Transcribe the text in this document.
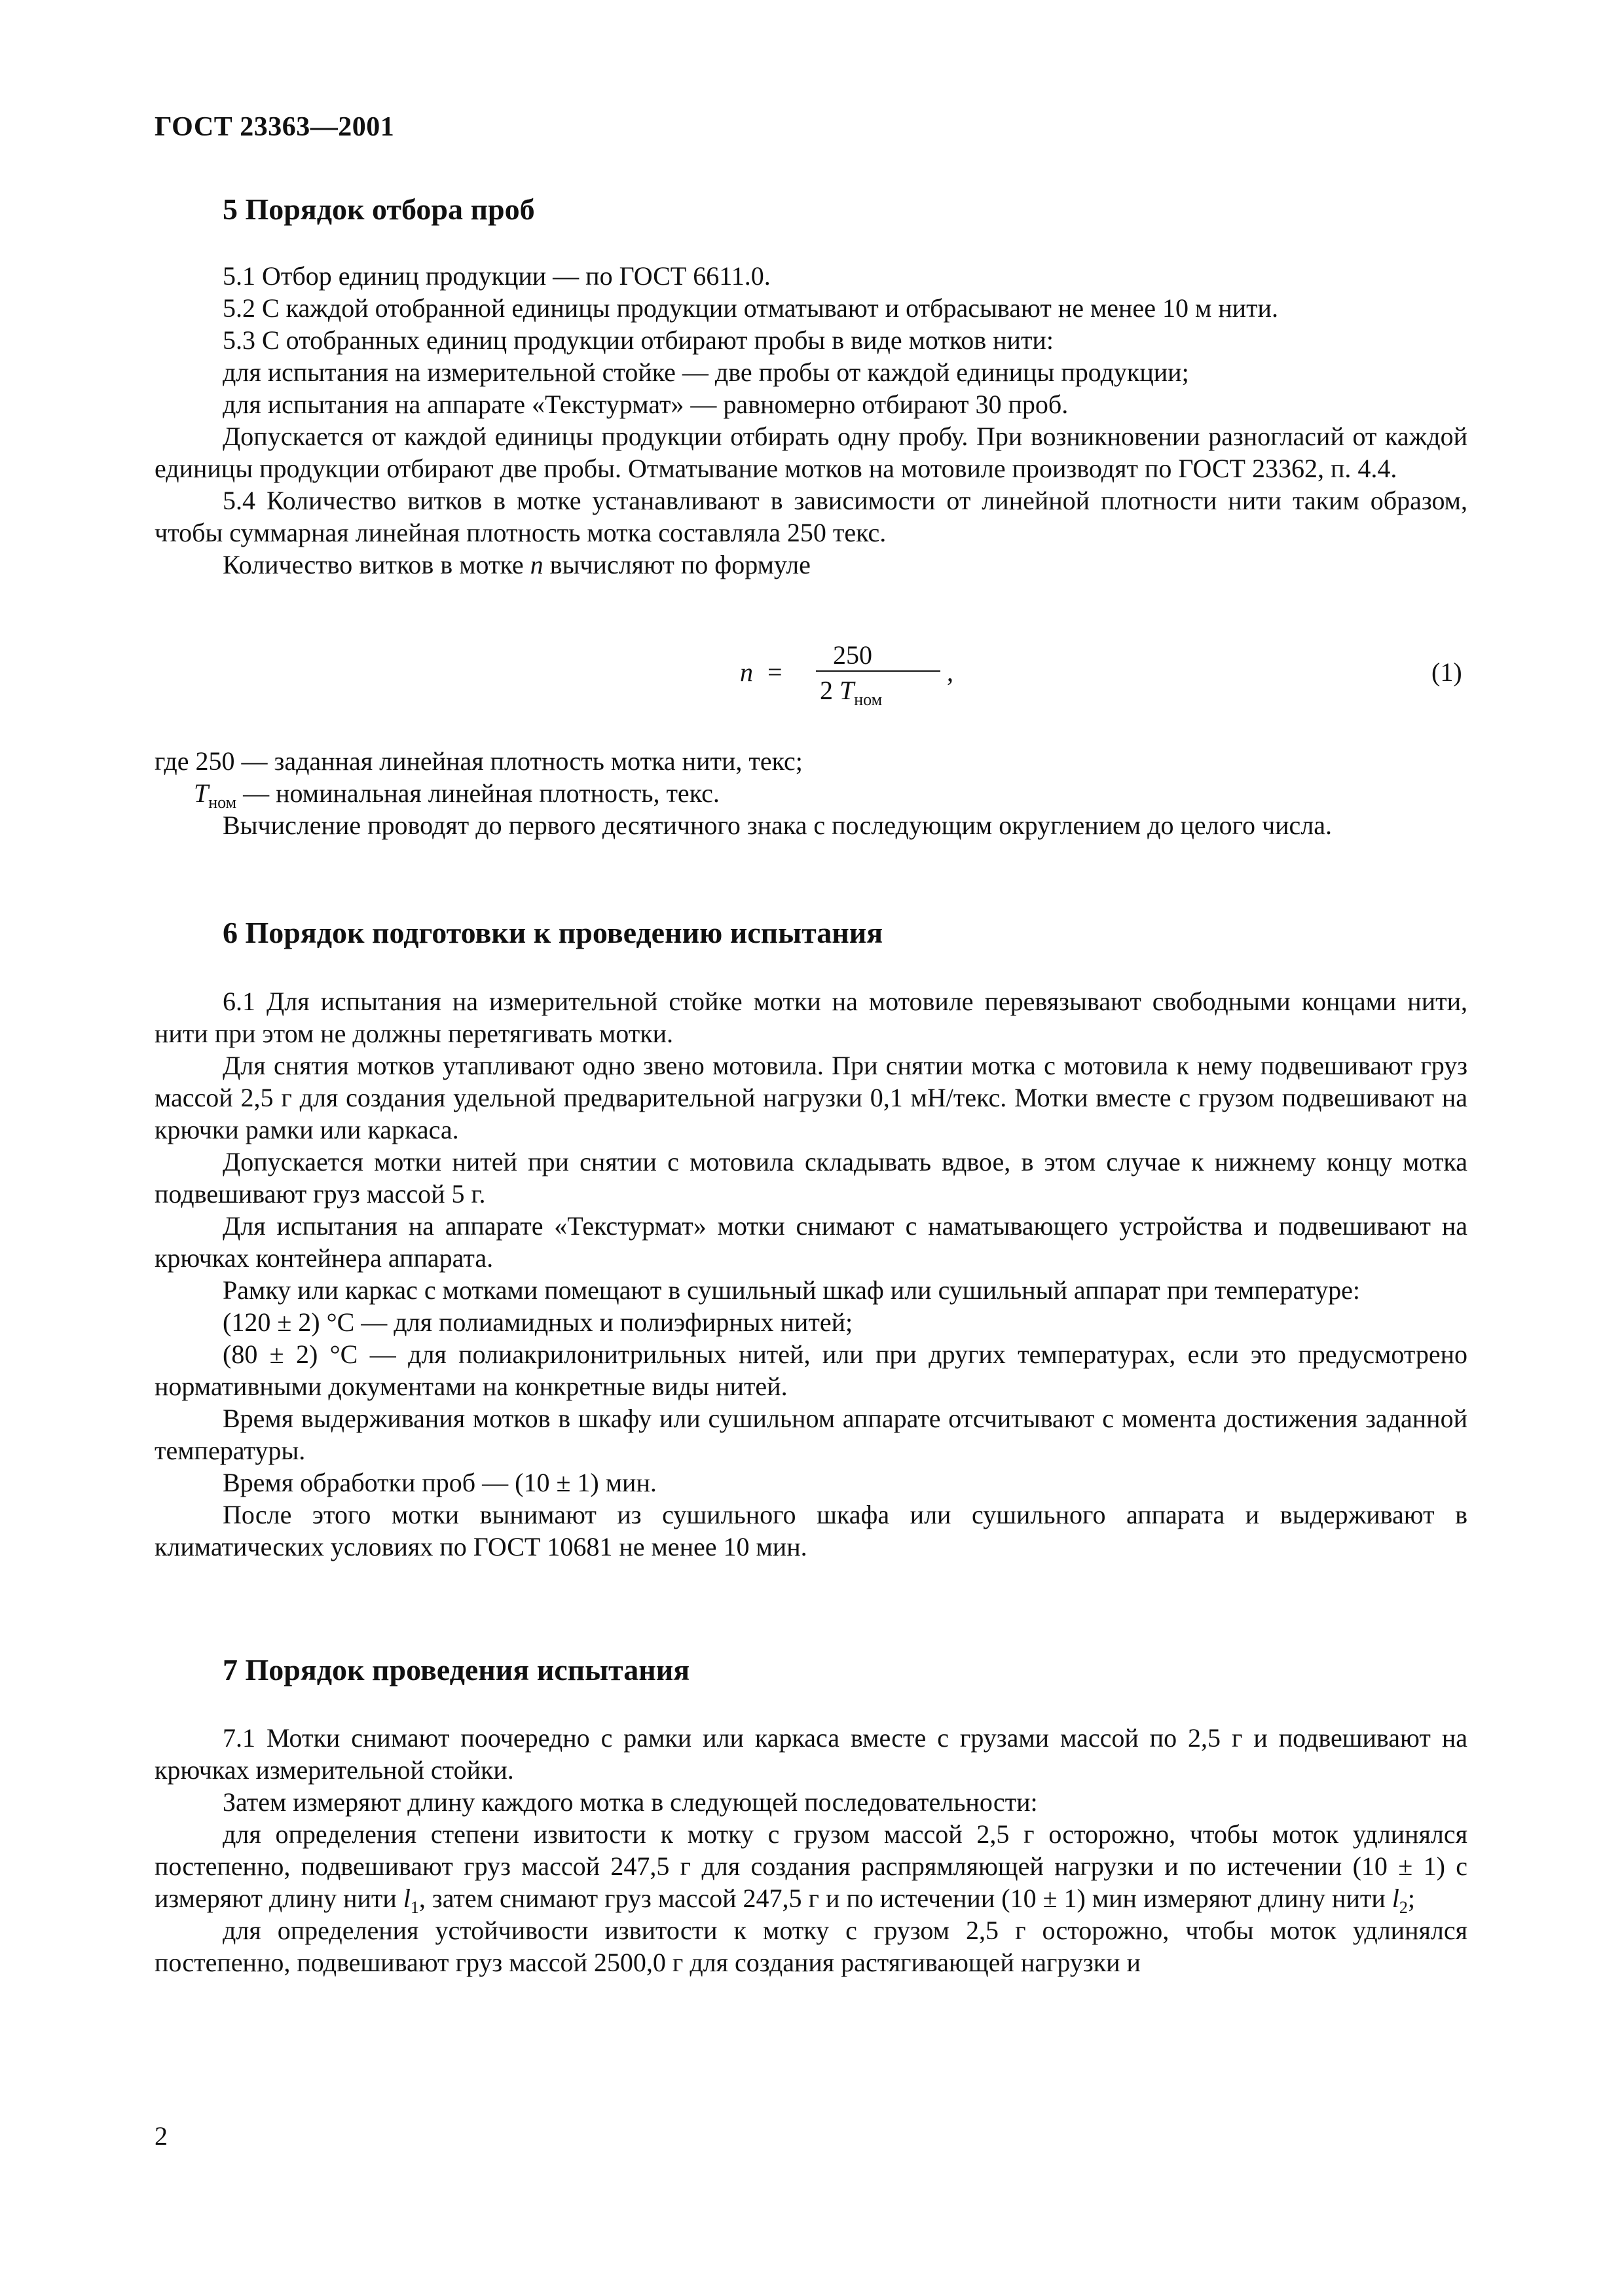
ГОСТ 23363—2001
5 Порядок отбора проб

5.1 Отбор единиц продукции — по ГОСТ 6611.0.

5.2 С каждой отобранной единицы продукции отматывают и отбрасывают не менее 10 м нити.

5.3 С отобранных единиц продукции отбирают пробы в виде мотков нити:

для испытания на измерительной стойке — две пробы от каждой единицы продукции;

для испытания на аппарате «Текстурмат» — равномерно отбирают 30 проб.

Допускается от каждой единицы продукции отбирать одну пробу. При возникновении разногласий от каждой единицы продукции отбирают две пробы. Отматывание мотков на мотовиле производят по ГОСТ 23362, п. 4.4.

5.4 Количество витков в мотке устанавливают в зависимости от линейной плотности нити таким образом, чтобы суммарная линейная плотность мотка составляла 250 текс.

Количество витков в мотке n вычисляют по формуле

n =
250
2 $T_{ном}$
,	(1)

где 250 — заданная линейная плотность мотка нити, текс;

$T_{ном}$ — номинальная линейная плотность, текс.

Вычисление проводят до первого десятичного знака с последующим округлением до целого числа.

6 Порядок подготовки к проведению испытания

6.1 Для испытания на измерительной стойке мотки на мотовиле перевязывают свободными концами нити, нити при этом не должны перетягивать мотки.

Для снятия мотков утапливают одно звено мотовила. При снятии мотка с мотовила к нему подвешивают груз массой 2,5 г для создания удельной предварительной нагрузки 0,1 мН/текс. Мотки вместе с грузом подвешивают на крючки рамки или каркаса.

Допускается мотки нитей при снятии с мотовила складывать вдвое, в этом случае к нижнему концу мотка подвешивают груз массой 5 г.

Для испытания на аппарате «Текстурмат» мотки снимают с наматывающего устройства и подвешивают на крючках контейнера аппарата.

Рамку или каркас с мотками помещают в сушильный шкаф или сушильный аппарат при температуре:

(120 ± 2) °С — для полиамидных и полиэфирных нитей;

(80 ± 2) °С — для полиакрилонитрильных нитей, или при других температурах, если это предусмотрено нормативными документами на конкретные виды нитей.

Время выдерживания мотков в шкафу или сушильном аппарате отсчитывают с момента достижения заданной температуры.

Время обработки проб — (10 ± 1) мин.

После этого мотки вынимают из сушильного шкафа или сушильного аппарата и выдерживают в климатических условиях по ГОСТ 10681 не менее 10 мин.

7 Порядок проведения испытания

7.1 Мотки снимают поочередно с рамки или каркаса вместе с грузами массой по 2,5 г и подвешивают на крючках измерительной стойки.

Затем измеряют длину каждого мотка в следующей последовательности:

для определения степени извитости к мотку с грузом массой 2,5 г осторожно, чтобы моток удлинялся постепенно, подвешивают груз массой 247,5 г для создания распрямляющей нагрузки и по истечении (10 ± 1) с измеряют длину нити $l_1$, затем снимают груз массой 247,5 г и по истечении (10 ± 1) мин измеряют длину нити $l_2$;

для определения устойчивости извитости к мотку с грузом 2,5 г осторожно, чтобы моток удлинялся постепенно, подвешивают груз массой 2500,0 г для создания растягивающей нагрузки и

2
